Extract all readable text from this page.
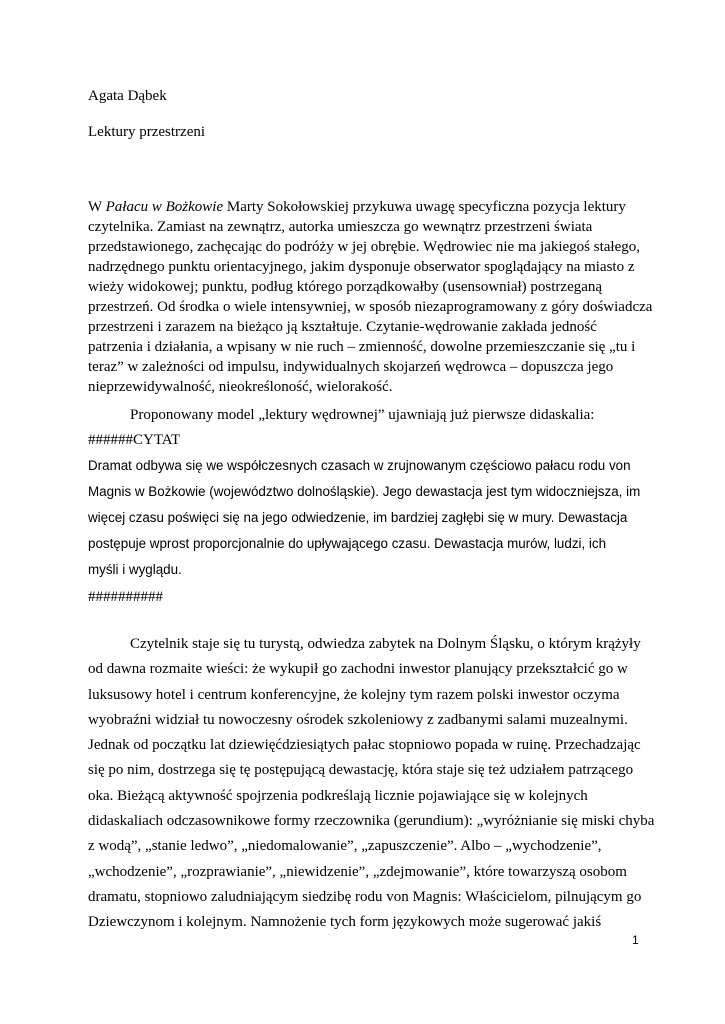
Agata Dąbek
Lektury przestrzeni
W Pałacu w Bożkowie Marty Sokołowskiej przykuwa uwagę specyficzna pozycja lektury
czytelnika. Zamiast na zewnątrz, autorka umieszcza go wewnątrz przestrzeni świata
przedstawionego, zachęcając do podróży w jej obrębie. Wędrowiec nie ma jakiegoś stałego,
nadrzędnego punktu orientacyjnego, jakim dysponuje obserwator spoglądający na miasto z
wieży widokowej; punktu, podług którego porządkowałby (usensowniał) postrzeganą
przestrzeń. Od środka o wiele intensywniej, w sposób niezaprogramowany z góry doświadcza
przestrzeni i zarazem na bieżąco ją kształtuje. Czytanie-wędrowanie zakłada jedność
patrzenia i działania, a wpisany w nie ruch – zmienność, dowolne przemieszczanie się „tu i
teraz” w zależności od impulsu, indywidualnych skojarzeń wędrowca – dopuszcza jego
nieprzewidywalność, nieokreśloność, wielorakość.
Proponowany model „lektury wędrownej” ujawniają już pierwsze didaskalia:
######CYTAT
Dramat odbywa się we współczesnych czasach w zrujnowanym częściowo pałacu rodu von
Magnis w Bożkowie (województwo dolnośląskie). Jego dewastacja jest tym widoczniejsza, im
więcej czasu poświęci się na jego odwiedzenie, im bardziej zagłębi się w mury. Dewastacja
postępuje wprost proporcjonalnie do upływającego czasu. Dewastacja murów, ludzi, ich
myśli i wyglądu.
##########
Czytelnik staje się tu turystą, odwiedza zabytek na Dolnym Śląsku, o którym krążyły
od dawna rozmaite wieści: że wykupił go zachodni inwestor planujący przekształcić go w
luksusowy hotel i centrum konferencyjne, że kolejny tym razem polski inwestor oczyma
wyobraźni widział tu nowoczesny ośrodek szkoleniowy z zadbanymi salami muzealnymi.
Jednak od początku lat dziewięćdziesiątych pałac stopniowo popada w ruinę. Przechadzając
się po nim, dostrzega się tę postępującą dewastację, która staje się też udziałem patrzącego
oka. Bieżącą aktywność spojrzenia podkreślają licznie pojawiające się w kolejnych
didaskaliach odczasownikowe formy rzeczownika (gerundium): „wyróżnianie się miski chyba
z wodą”, „stanie ledwo”, „niedomalowanie”, „zapuszczenie”. Albo – „wychodzenie”,
„wchodzenie”, „rozprawianie”, „niewidzenie”, „zdejmowanie”, które towarzyszą osobom
dramatu, stopniowo zaludniającym siedzibę rodu von Magnis: Właścicielom, pilnującym go
Dziewczynom i kolejnym. Namnożenie tych form językowych może sugerować jakiś
1
